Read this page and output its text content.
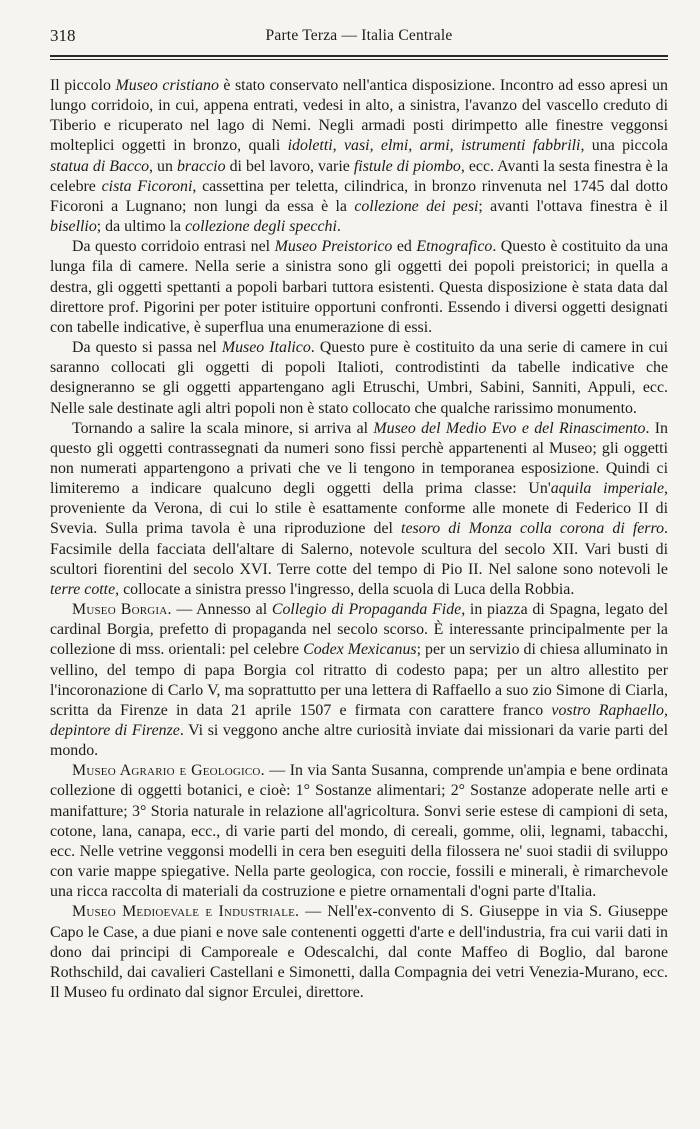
318	Parte Terza — Italia Centrale

Il piccolo Museo cristiano è stato conservato nell'antica disposizione. Incontro ad esso apresi un lungo corridoio, in cui, appena entrati, vedesi in alto, a sinistra, l'avanzo del vascello creduto di Tiberio e ricuperato nel lago di Nemi. Negli armadi posti dirimpetto alle finestre veggonsi molteplici oggetti in bronzo, quali idoletti, vasi, elmi, armi, istrumenti fabbrili, una piccola statua di Bacco, un braccio di bel lavoro, varie fistule di piombo, ecc. Avanti la sesta finestra è la celebre cista Ficoroni, cassettina per teletta, cilindrica, in bronzo rinvenuta nel 1745 dal dotto Ficoroni a Lugnano; non lungi da essa è la collezione dei pesi; avanti l'ottava finestra è il bisellio; da ultimo la collezione degli specchi.

Da questo corridoio entrasi nel Museo Preistorico ed Etnografico. Questo è costituito da una lunga fila di camere. Nella serie a sinistra sono gli oggetti dei popoli preistorici; in quella a destra, gli oggetti spettanti a popoli barbari tuttora esistenti. Questa disposizione è stata data dal direttore prof. Pigorini per poter istituire opportuni confronti. Essendo i diversi oggetti designati con tabelle indicative, è superflua una enumerazione di essi.

Da questo si passa nel Museo Italico. Questo pure è costituito da una serie di camere in cui saranno collocati gli oggetti di popoli Italioti, controdistinti da tabelle indicative che designeranno se gli oggetti appartengano agli Etruschi, Umbri, Sabini, Sanniti, Appuli, ecc. Nelle sale destinate agli altri popoli non è stato collocato che qualche rarissimo monumento.

Tornando a salire la scala minore, si arriva al Museo del Medio Evo e del Rinascimento. In questo gli oggetti contrassegnati da numeri sono fissi perchè appartenenti al Museo; gli oggetti non numerati appartengono a privati che ve li tengono in temporanea esposizione. Quindi ci limiteremo a indicare qualcuno degli oggetti della prima classe: Un'aquila imperiale, proveniente da Verona, di cui lo stile è esattamente conforme alle monete di Federico II di Svevia. Sulla prima tavola è una riproduzione del tesoro di Monza colla corona di ferro. Facsimile della facciata dell'altare di Salerno, notevole scultura del secolo XII. Vari busti di scultori fiorentini del secolo XVI. Terre cotte del tempo di Pio II. Nel salone sono notevoli le terre cotte, collocate a sinistra presso l'ingresso, della scuola di Luca della Robbia.

Museo Borgia. — Annesso al Collegio di Propaganda Fide, in piazza di Spagna, legato del cardinal Borgia, prefetto di propaganda nel secolo scorso. È interessante principalmente per la collezione di mss. orientali: pel celebre Codex Mexicanus; per un servizio di chiesa alluminato in vellino, del tempo di papa Borgia col ritratto di codesto papa; per un altro allestito per l'incoronazione di Carlo V, ma soprattutto per una lettera di Raffaello a suo zio Simone di Ciarla, scritta da Firenze in data 21 aprile 1507 e firmata con carattere franco vostro Raphaello, depintore di Firenze. Vi si veggono anche altre curiosità inviate dai missionari da varie parti del mondo.

Museo Agrario e Geologico. — In via Santa Susanna, comprende un'ampia e bene ordinata collezione di oggetti botanici, e cioè: 1° Sostanze alimentari; 2° Sostanze adoperate nelle arti e manifatture; 3° Storia naturale in relazione all'agricoltura. Sonvi serie estese di campioni di seta, cotone, lana, canapa, ecc., di varie parti del mondo, di cereali, gomme, olii, legnami, tabacchi, ecc. Nelle vetrine veggonsi modelli in cera ben eseguiti della filossera ne' suoi stadii di sviluppo con varie mappe spiegative. Nella parte geologica, con roccie, fossili e minerali, è rimarchevole una ricca raccolta di materiali da costruzione e pietre ornamentali d'ogni parte d'Italia.

Museo Medioevale e Industriale. — Nell'ex-convento di S. Giuseppe in via S. Giuseppe Capo le Case, a due piani e nove sale contenenti oggetti d'arte e dell'industria, fra cui varii dati in dono dai principi di Camporeale e Odescalchi, dal conte Maffeo di Boglio, dal barone Rothschild, dai cavalieri Castellani e Simonetti, dalla Compagnia dei vetri Venezia-Murano, ecc. Il Museo fu ordinato dal signor Erculei, direttore.
